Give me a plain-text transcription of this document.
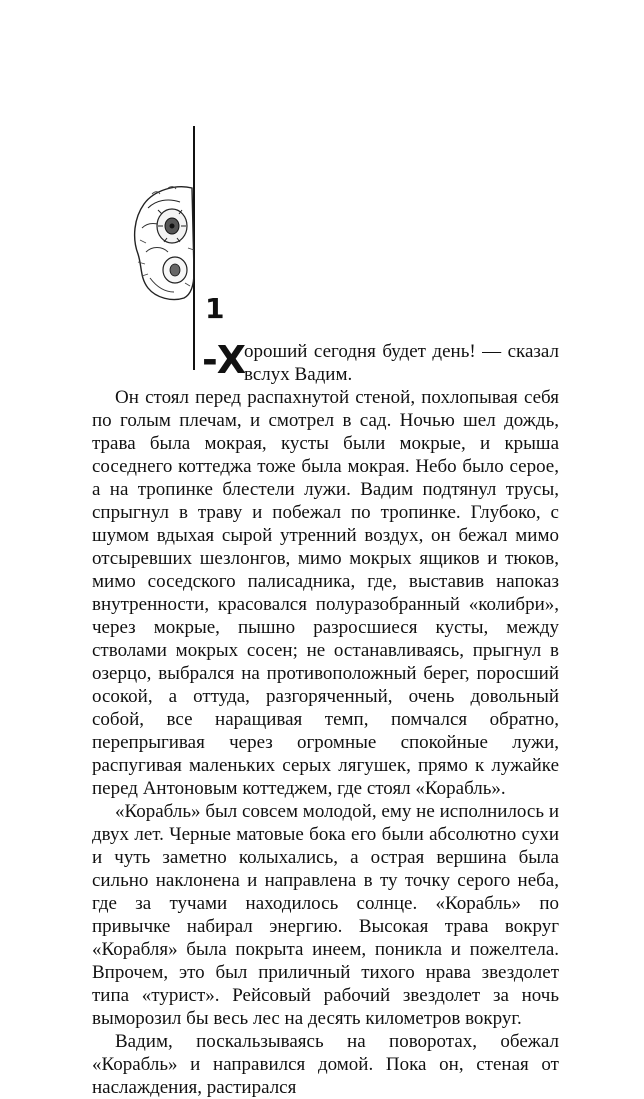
1
-Х
ороший сегодня будет день! — сказал
вслух Вадим.

Он стоял перед распахнутой стеной, похлопывая себя по голым плечам, и смотрел в сад. Ночью шел дождь, трава была мокрая, кусты были мокрые, и крыша соседнего коттеджа тоже была мокрая. Небо было серое, а на тропинке блестели лужи. Вадим подтянул трусы, спрыгнул в траву и побежал по тропинке. Глубоко, с шумом вдыхая сырой утренний воздух, он бежал мимо отсыревших шезлонгов, мимо мокрых ящиков и тюков, мимо соседского палисадника, где, выставив напоказ внутренности, красовался полуразобранный «колибри», через мокрые, пышно разросшиеся кусты, между стволами мокрых сосен; не останавливаясь, прыгнул в озерцо, выбрался на противоположный берег, поросший осокой, а оттуда, разгоряченный, очень довольный собой, все наращивая темп, помчался обратно, перепрыгивая через огромные спокойные лужи, распугивая маленьких серых лягушек, прямо к лужайке перед Антоновым коттеджем, где стоял «Корабль».

«Корабль» был совсем молодой, ему не исполнилось и двух лет. Черные матовые бока его были абсолютно сухи и чуть заметно колыхались, а острая вершина была сильно наклонена и направлена в ту точку серого неба, где за тучами находилось солнце. «Корабль» по привычке набирал энергию. Высокая трава вокруг «Корабля» была покрыта инеем, поникла и пожелтела. Впрочем, это был приличный тихого нрава звездолет типа «турист». Рейсовый рабочий звездолет за ночь выморозил бы весь лес на десять километров вокруг.

Вадим, поскальзываясь на поворотах, обежал «Корабль» и направился домой. Пока он, стеная от наслаждения, растирался
